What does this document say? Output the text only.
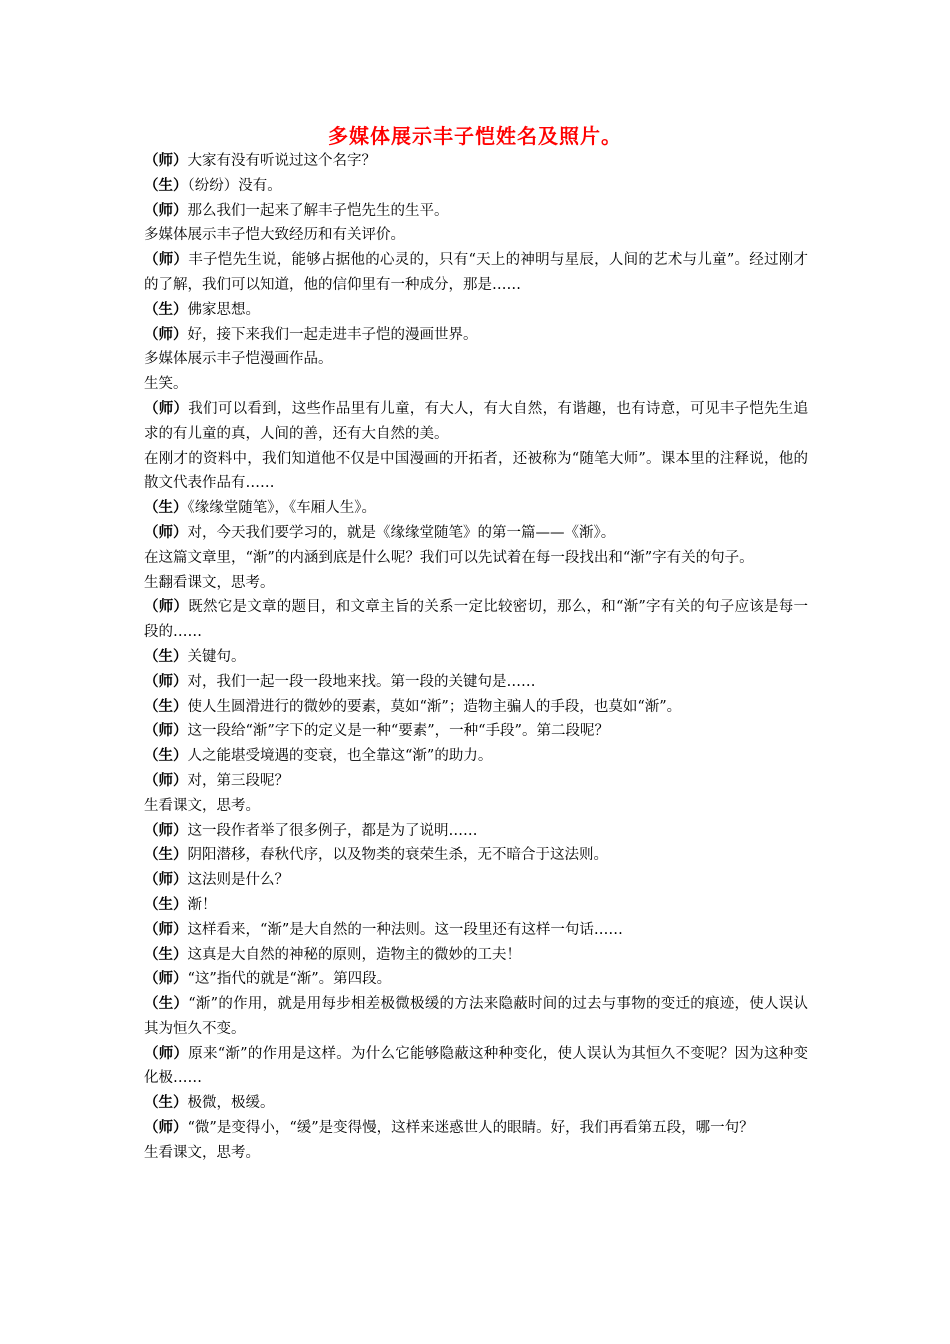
多媒体展示丰子恺姓名及照片。

（师）大家有没有听说过这个名字？

（生）（纷纷）没有。

（师）那么我们一起来了解丰子恺先生的生平。

多媒体展示丰子恺大致经历和有关评价。

（师）丰子恺先生说，能够占据他的心灵的，只有“天上的神明与星辰，人间的艺术与儿童”。经过刚才的了解，我们可以知道，他的信仰里有一种成分，那是……

（生）佛家思想。

（师）好，接下来我们一起走进丰子恺的漫画世界。

多媒体展示丰子恺漫画作品。

生笑。

（师）我们可以看到，这些作品里有儿童，有大人，有大自然，有谐趣，也有诗意，可见丰子恺先生追求的有儿童的真，人间的善，还有大自然的美。

在刚才的资料中，我们知道他不仅是中国漫画的开拓者，还被称为“随笔大师”。课本里的注释说，他的散文代表作品有……

（生）《缘缘堂随笔》，《车厢人生》。

（师）对，今天我们要学习的，就是《缘缘堂随笔》的第一篇——《渐》。

在这篇文章里，“渐”的内涵到底是什么呢？我们可以先试着在每一段找出和“渐”字有关的句子。

生翻看课文，思考。

（师）既然它是文章的题目，和文章主旨的关系一定比较密切，那么，和“渐”字有关的句子应该是每一段的……

（生）关键句。

（师）对，我们一起一段一段地来找。第一段的关键句是……

（生）使人生圆滑进行的微妙的要素，莫如“渐”；造物主骗人的手段，也莫如“渐”。

（师）这一段给“渐”字下的定义是一种“要素”，一种“手段”。第二段呢？

（生）人之能堪受境遇的变衰，也全靠这“渐”的助力。

（师）对，第三段呢？

生看课文，思考。

（师）这一段作者举了很多例子，都是为了说明……

（生）阴阳潜移，春秋代序，以及物类的衰荣生杀，无不暗合于这法则。

（师）这法则是什么？

（生）渐！

（师）这样看来，“渐”是大自然的一种法则。这一段里还有这样一句话……

（生）这真是大自然的神秘的原则，造物主的微妙的工夫！

（师）“这”指代的就是“渐”。第四段。

（生）“渐”的作用，就是用每步相差极微极缓的方法来隐蔽时间的过去与事物的变迁的痕迹，使人误认其为恒久不变。

（师）原来“渐”的作用是这样。为什么它能够隐蔽这种种变化，使人误认为其恒久不变呢？因为这种变化极……

（生）极微，极缓。

（师）“微”是变得小，“缓”是变得慢，这样来迷惑世人的眼睛。好，我们再看第五段，哪一句？

生看课文，思考。
